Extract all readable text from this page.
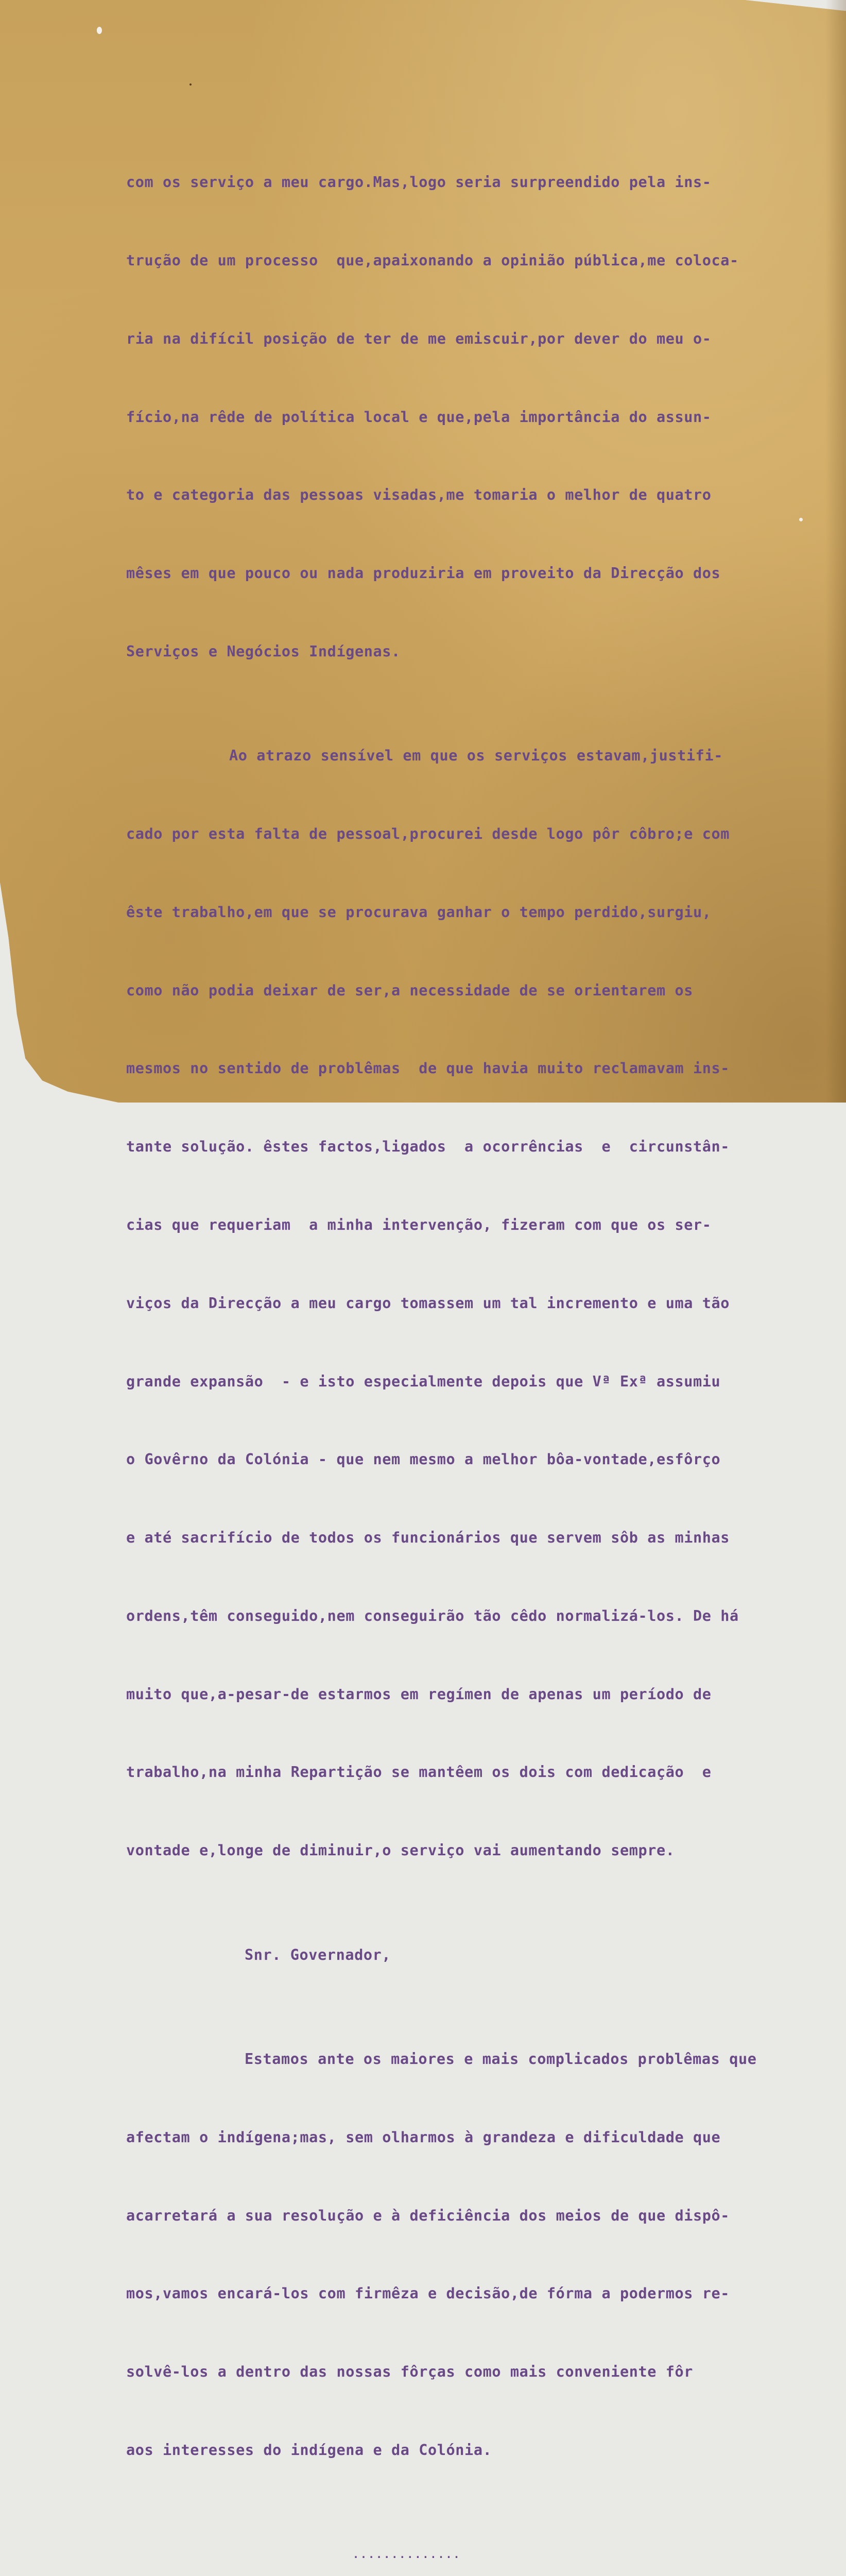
com os serviço a meu cargo.Mas,logo seria surpreendido pela ins-

trução de um processo  que,apaixonando a opinião pública,me coloca-

ria na difícil posição de ter de me emiscuir,por dever do meu o-

fício,na rêde de política local e que,pela importância do assun-

to e categoria das pessoas visadas,me tomaria o melhor de quatro

mêses em que pouco ou nada produziria em proveito da Direcção dos

Serviços e Negócios Indígenas.

Ao atrazo sensível em que os serviços estavam,justifi-

cado por esta falta de pessoal,procurei desde logo pôr côbro;e com

êste trabalho,em que se procurava ganhar o tempo perdido,surgiu,

como não podia deixar de ser,a necessidade de se orientarem os

mesmos no sentido de problêmas  de que havia muito reclamavam ins-

tante solução. êstes factos,ligados  a ocorrências  e  circunstân-

cias que requeriam  a minha intervenção, fizeram com que os ser-

viços da Direcção a meu cargo tomassem um tal incremento e uma tão

grande expansão  - e isto especialmente depois que Vª Exª assumiu

o Govêrno da Colónia - que nem mesmo a melhor bôa-vontade,esfôrço

e até sacrifício de todos os funcionários que servem sôb as minhas

ordens,têm conseguido,nem conseguirão tão cêdo normalizá-los. De há

muito que,a-pesar-de estarmos em regímen de apenas um período de

trabalho,na minha Repartição se mantêem os dois com dedicação  e

vontade e,longe de diminuir,o serviço vai aumentando sempre.

Snr. Governador,

Estamos ante os maiores e mais complicados problêmas que

afectam o indígena;mas, sem olharmos à grandeza e dificuldade que

acarretará a sua resolução e à deficiência dos meios de que dispô-

mos,vamos encará-los com firmêza e decisão,de fórma a podermos re-

solvê-los a dentro das nossas fôrças como mais conveniente fôr

aos interesses do indígena e da Colónia.

..............
